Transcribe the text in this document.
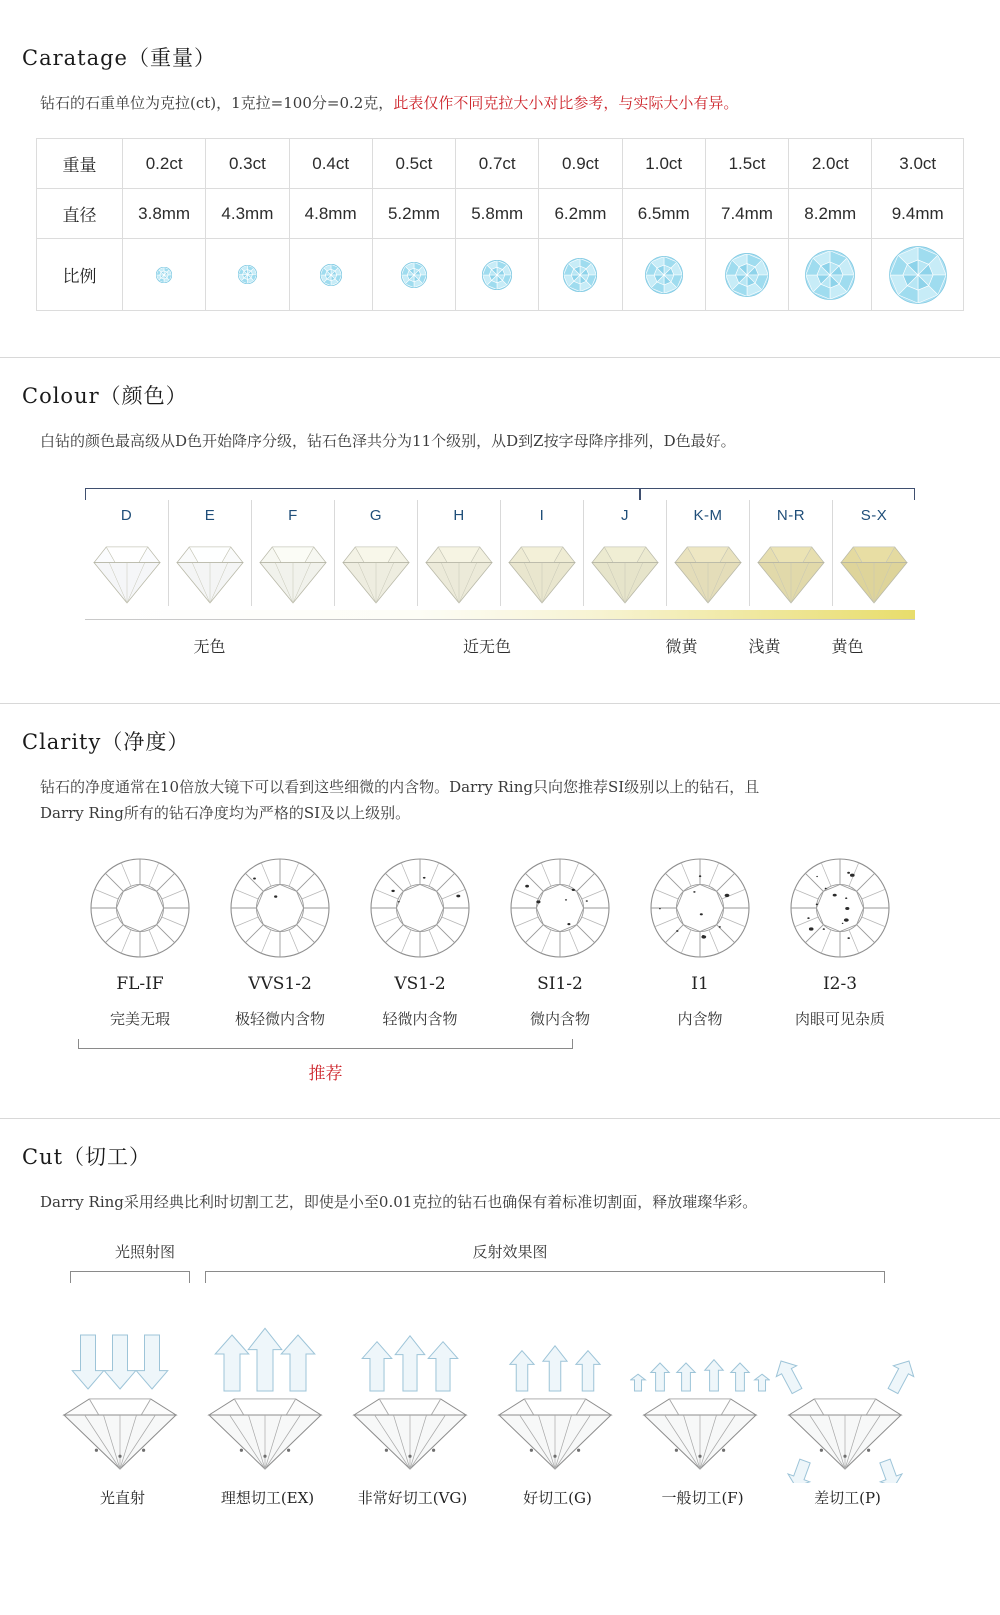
Caratage（重量）
钻石的石重单位为克拉(ct)，1克拉=100分=0.2克，此表仅作不同克拉大小对比参考，与实际大小有异。
重量	0.2ct	0.3ct	0.4ct	0.5ct	0.7ct	0.9ct	1.0ct	1.5ct	2.0ct	3.0ct
直径	3.8mm	4.3mm	4.8mm	5.2mm	5.8mm	6.2mm	6.5mm	7.4mm	8.2mm	9.4mm
比例	

Colour（颜色）
白钻的颜色最高级从D色开始降序分级，钻石色泽共分为11个级别，从D到Z按字母降序排列，D色最好。
D	E	F	G	H	I	J	K-M	N-R	S-X
无色	近无色	微黄	浅黄	黄色
Clarity（净度）
钻石的净度通常在10倍放大镜下可以看到这些细微的内含物。Darry Ring只向您推荐SI级别以上的钻石，且
Darry Ring所有的钻石净度均为严格的SI及以上级别。
FL-IF
完美无瑕
VVS1-2
极轻微内含物
VS1-2
轻微内含物
SI1-2
微内含物
I1
内含物
I2-3
肉眼可见杂质
推荐
Cut（切工）
Darry Ring采用经典比利时切割工艺，即使是小至0.01克拉的钻石也确保有着标准切割面，释放璀璨华彩。
光照射图	反射效果图
光直射	理想切工(EX)	非常好切工(VG)	好切工(G)	一般切工(F)	差切工(P)
